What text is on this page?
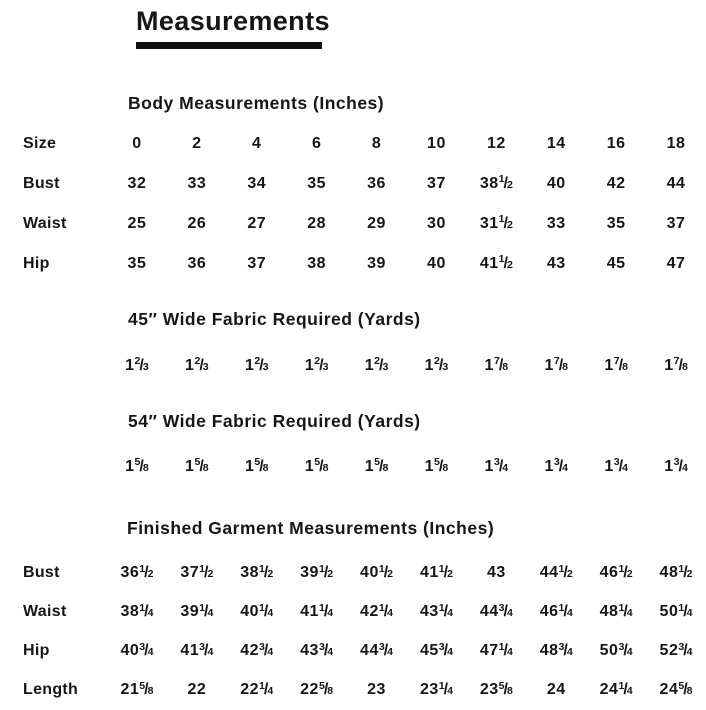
Measurements
Body Measurements (Inches)
Size	0	2	4	6	8	10	12	14	16	18
Bust	32	33	34	35	36	37	38 $^1$/2	40	42	44
Waist	25	26	27	28	29	30	31 $^1$/2	33	35	37
Hip	35	36	37	38	39	40	41 $^1$/2	43	45	47
45″ Wide Fabric Required (Yards)
1 $^2$/3	1 $^2$/3	1 $^2$/3	1 $^2$/3	1 $^2$/3	1 $^2$/3	1 $^7$/8	1 $^7$/8	1 $^7$/8	1 $^7$/8
54″ Wide Fabric Required (Yards)
1 $^5$/8	1 $^5$/8	1 $^5$/8	1 $^5$/8	1 $^5$/8	1 $^5$/8	1 $^3$/4	1 $^3$/4	1 $^3$/4	1 $^3$/4
Finished Garment Measurements (Inches)
Bust	36 $^1$/2	37 $^1$/2	38 $^1$/2	39 $^1$/2	40 $^1$/2	41 $^1$/2	43	44 $^1$/2	46 $^1$/2	48 $^1$/2
Waist	38 $^1$/4	39 $^1$/4	40 $^1$/4	41 $^1$/4	42 $^1$/4	43 $^1$/4	44 $^3$/4	46 $^1$/4	48 $^1$/4	50 $^1$/4
Hip	40 $^3$/4	41 $^3$/4	42 $^3$/4	43 $^3$/4	44 $^3$/4	45 $^3$/4	47 $^1$/4	48 $^3$/4	50 $^3$/4	52 $^3$/4
Length	21 $^5$/8	22	22 $^1$/4	22 $^5$/8	23	23 $^1$/4	23 $^5$/8	24	24 $^1$/4	24 $^5$/8
